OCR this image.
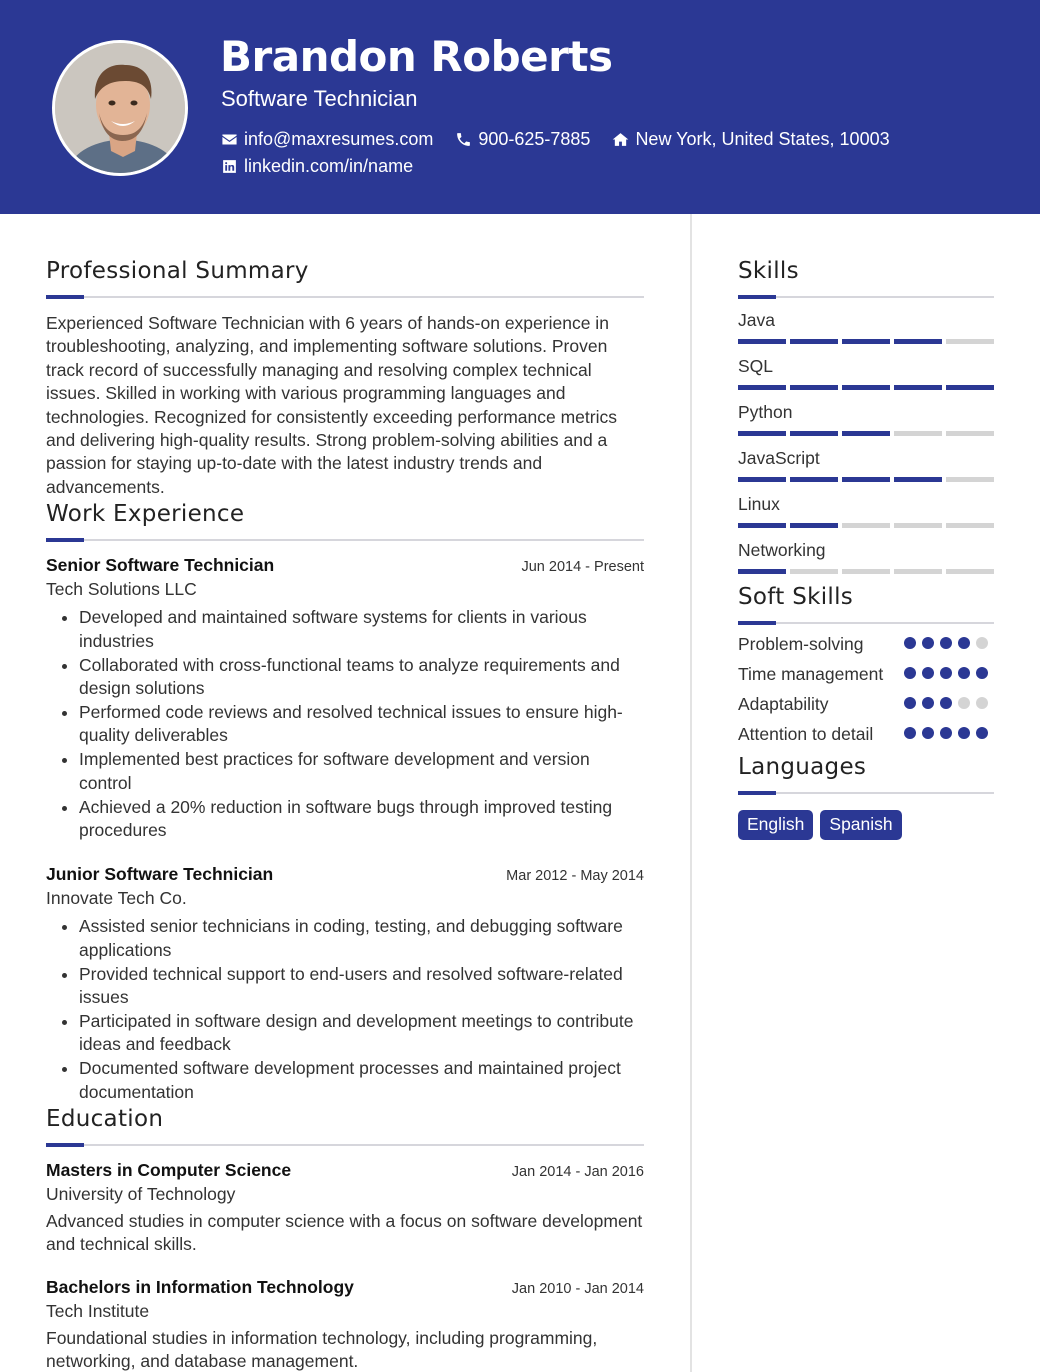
Brandon Roberts
Software Technician
info@maxresumes.com	900-625-7885	New York, United States, 10003
linkedin.com/in/name
Professional Summary

Experienced Software Technician with 6 years of hands-on experience in troubleshooting, analyzing, and implementing software solutions. Proven track record of successfully managing and resolving complex technical issues. Skilled in working with various programming languages and technologies. Recognized for consistently exceeding performance metrics and delivering high-quality results. Strong problem-solving abilities and a passion for staying up-to-date with the latest industry trends and advancements.

Work Experience
Senior Software Technician	Jun 2014 - Present
Tech Solutions LLC
• Developed and maintained software systems for clients in various industries
• Collaborated with cross-functional teams to analyze requirements and design solutions
• Performed code reviews and resolved technical issues to ensure high-quality deliverables
• Implemented best practices for software development and version control
• Achieved a 20% reduction in software bugs through improved testing procedures
Junior Software Technician	Mar 2012 - May 2014
Innovate Tech Co.
• Assisted senior technicians in coding, testing, and debugging software applications
• Provided technical support to end-users and resolved software-related issues
• Participated in software design and development meetings to contribute ideas and feedback
• Documented software development processes and maintained project documentation
Education
Masters in Computer Science	Jan 2014 - Jan 2016
University of Technology

Advanced studies in computer science with a focus on software development and technical skills.

Bachelors in Information Technology	Jan 2010 - Jan 2014
Tech Institute

Foundational studies in information technology, including programming, networking, and database management.

Skills
Java
SQL
Python
JavaScript
Linux
Networking
Soft Skills
Problem-solving
Time management
Adaptability
Attention to detail
Languages
English	Spanish
